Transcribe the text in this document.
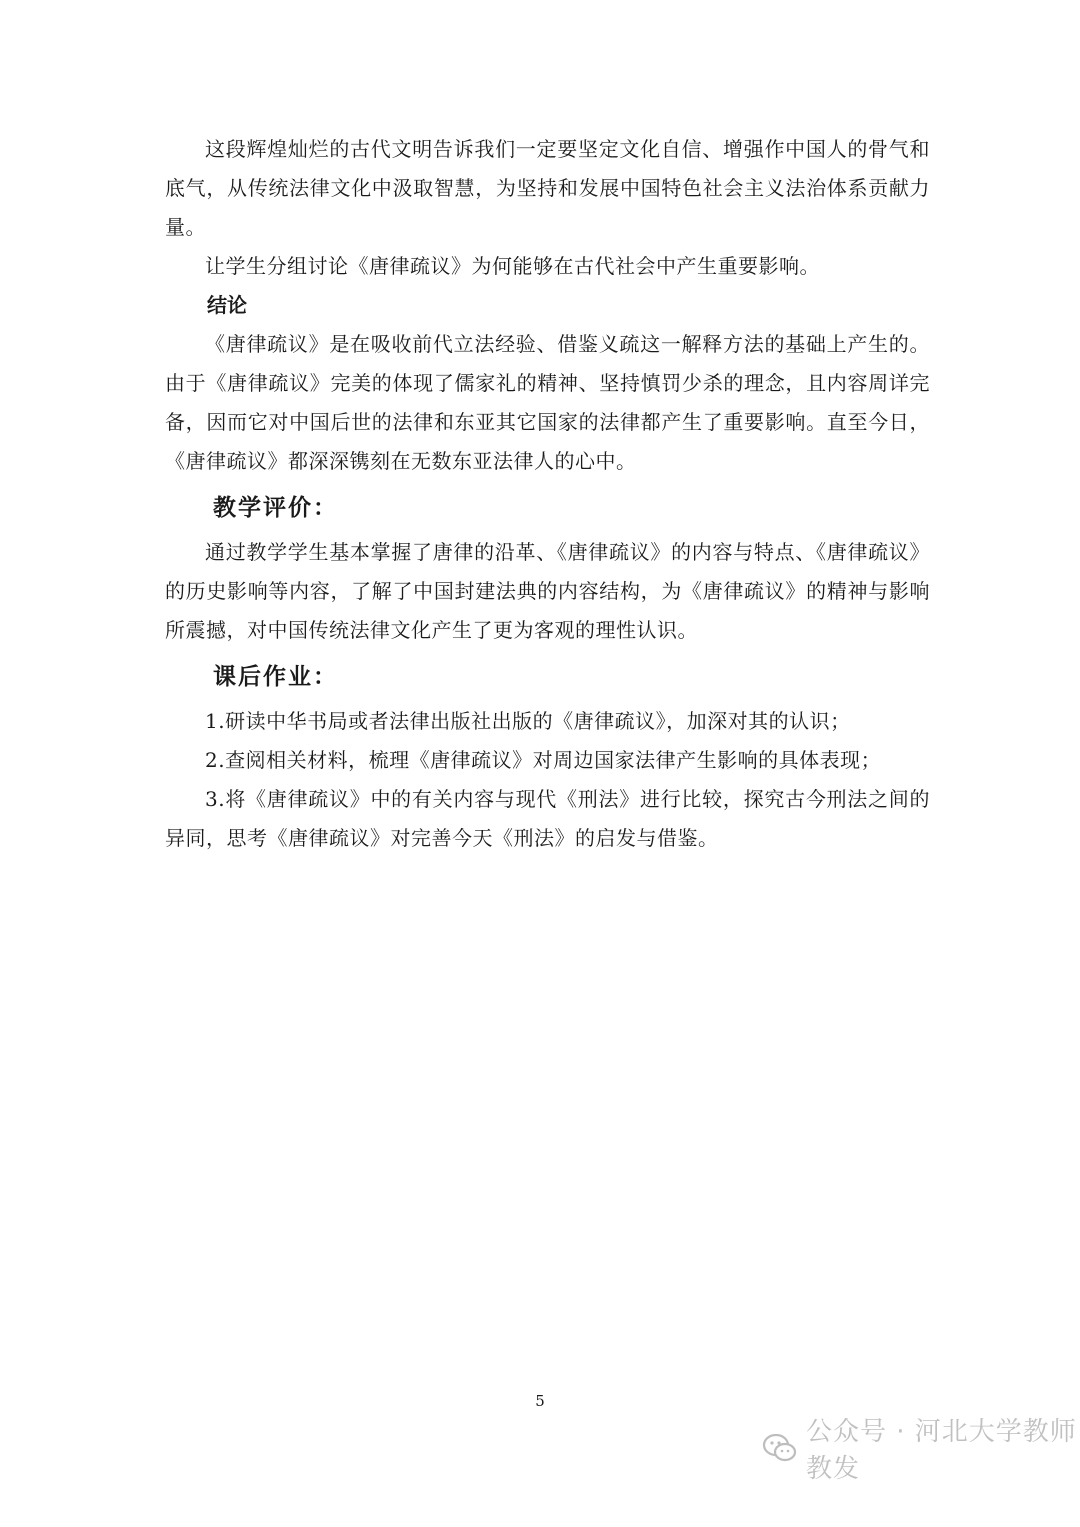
这段辉煌灿烂的古代文明告诉我们一定要坚定文化自信、增强作中国人的骨气和底气，从传统法律文化中汲取智慧，为坚持和发展中国特色社会主义法治体系贡献力量。

让学生分组讨论《唐律疏议》为何能够在古代社会中产生重要影响。

结论

《唐律疏议》是在吸收前代立法经验、借鉴义疏这一解释方法的基础上产生的。由于《唐律疏议》完美的体现了儒家礼的精神、坚持慎罚少杀的理念，且内容周详完备，因而它对中国后世的法律和东亚其它国家的法律都产生了重要影响。直至今日，《唐律疏议》都深深镌刻在无数东亚法律人的心中。

教学评价：

通过教学学生基本掌握了唐律的沿革、《唐律疏议》的内容与特点、《唐律疏议》的历史影响等内容，了解了中国封建法典的内容结构，为《唐律疏议》的精神与影响所震撼，对中国传统法律文化产生了更为客观的理性认识。

课后作业：

1.研读中华书局或者法律出版社出版的《唐律疏议》，加深对其的认识；

2.查阅相关材料，梳理《唐律疏议》对周边国家法律产生影响的具体表现；

3.将《唐律疏议》中的有关内容与现代《刑法》进行比较，探究古今刑法之间的异同，思考《唐律疏议》对完善今天《刑法》的启发与借鉴。

5
公众号 · 河北大学教师教发
